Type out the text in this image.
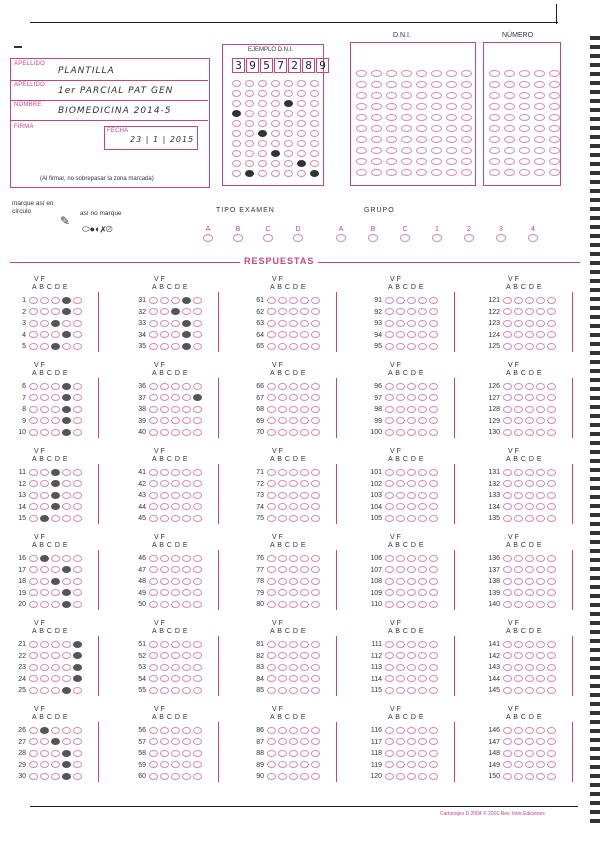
APELLIDO
PLANTILLA
APELLIDO
1er PARCIAL PAT GEN
NOMBRE
BIOMEDICINA 2014-5
FIRMA
FECHA
23 | 1 | 2015
(Al firmar, no sobrepasar la zona marcada)
EJEMPLO D.N.I.
3 9 5 7 2 8 9
D.N.I.	NÚMERO
marque así en círculo	así no marque
⬭●◐✗⊘
✎
TIPO EXAMEN
A	B	C	D
GRUPO
A	B	C	1	2	3	4
RESPUESTAS
V F
A B C D E
1
2
3
4
5
V F
A B C D E
6
7
8
9
10
V F
A B C D E
11
12
13
14
15
V F
A B C D E
16
17
18
19
20
V F
A B C D E
21
22
23
24
25
V F
A B C D E
26
27
28
29
30
V F
A B C D E
31
32
33
34
35
V F
A B C D E
36
37
38
39
40
V F
A B C D E
41
42
43
44
45
V F
A B C D E
46
47
48
49
50
V F
A B C D E
51
52
53
54
55
V F
A B C D E
56
57
58
59
60
V F
A B C D E
61
62
63
64
65
V F
A B C D E
66
67
68
69
70
V F
A B C D E
71
72
73
74
75
V F
A B C D E
76
77
78
79
80
V F
A B C D E
81
82
83
84
85
V F
A B C D E
86
87
88
89
90
V F
A B C D E
91
92
93
94
95
V F
A B C D E
96
97
98
99
100
V F
A B C D E
101
102
103
104
105
V F
A B C D E
106
107
108
109
110
V F
A B C D E
111
112
113
114
115
V F
A B C D E
116
117
118
119
120
V F
A B C D E
121
122
123
124
125
V F
A B C D E
126
127
128
129
130
V F
A B C D E
131
132
133
134
135
V F
A B C D E
136
137
138
139
140
V F
A B C D E
141
142
143
144
145
V F
A B C D E
146
147
148
149
150
Cartonajes D.2004 © 2001 Rev. Inter.Ediciones
